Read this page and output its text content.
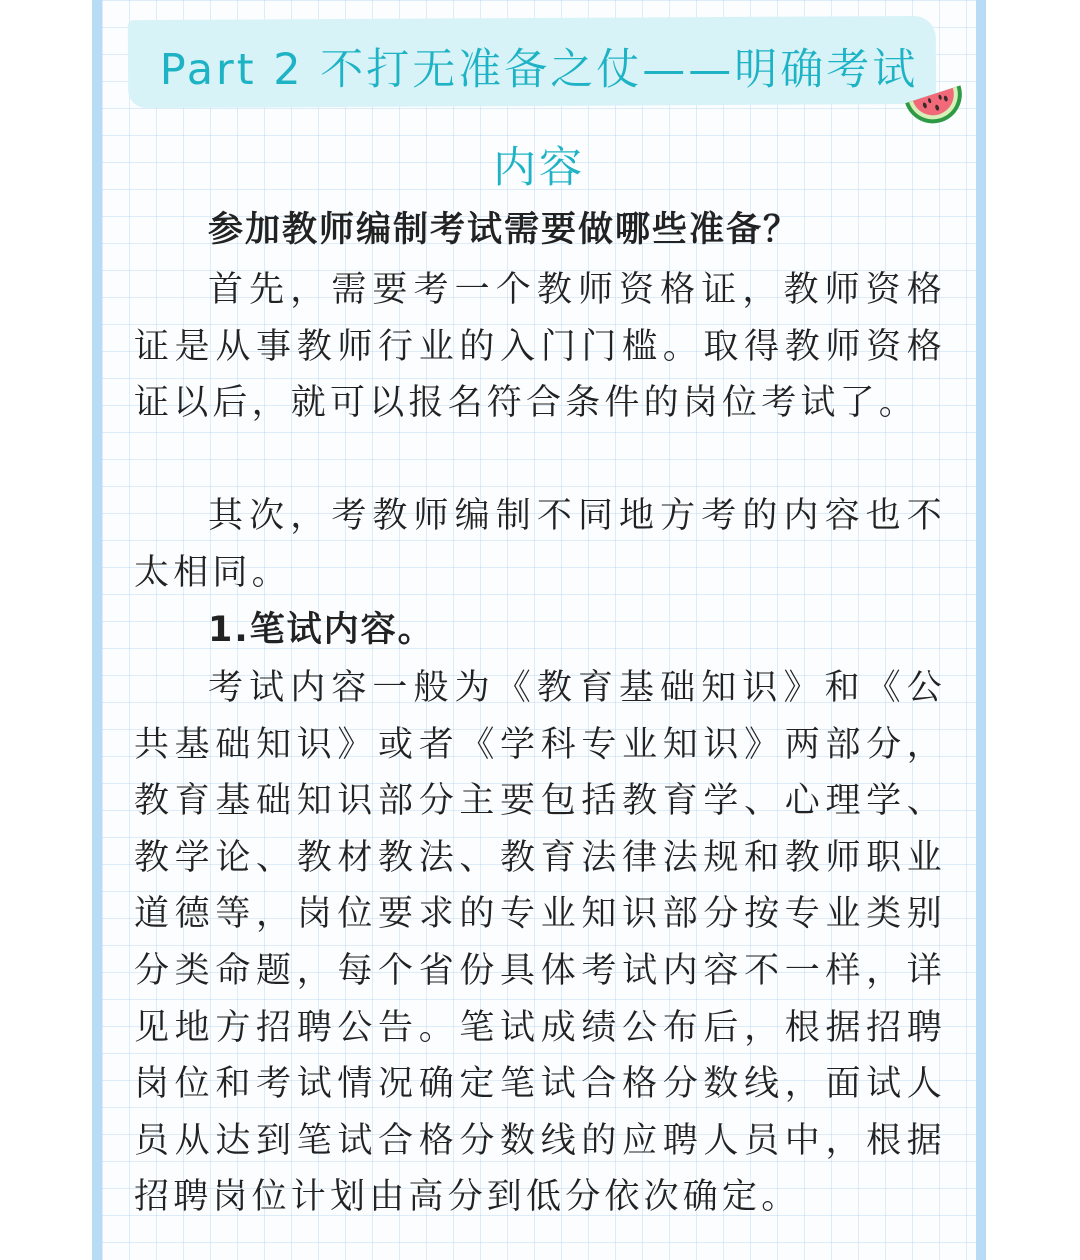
Part 2 不打无准备之仗——明确考试
内容

参加教师编制考试需要做哪些准备？

首先，需要考一个教师资格证，教师资格证是从事教师行业的入门门槛。取得教师资格证以后，就可以报名符合条件的岗位考试了。

其次，考教师编制不同地方考的内容也不太相同。

1.笔试内容。

考试内容一般为《教育基础知识》和《公共基础知识》或者《学科专业知识》两部分，教育基础知识部分主要包括教育学、心理学、教学论、教材教法、教育法律法规和教师职业道德等，岗位要求的专业知识部分按专业类别分类命题，每个省份具体考试内容不一样，详见地方招聘公告。笔试成绩公布后，根据招聘岗位和考试情况确定笔试合格分数线，面试人员从达到笔试合格分数线的应聘人员中，根据招聘岗位计划由高分到低分依次确定。
